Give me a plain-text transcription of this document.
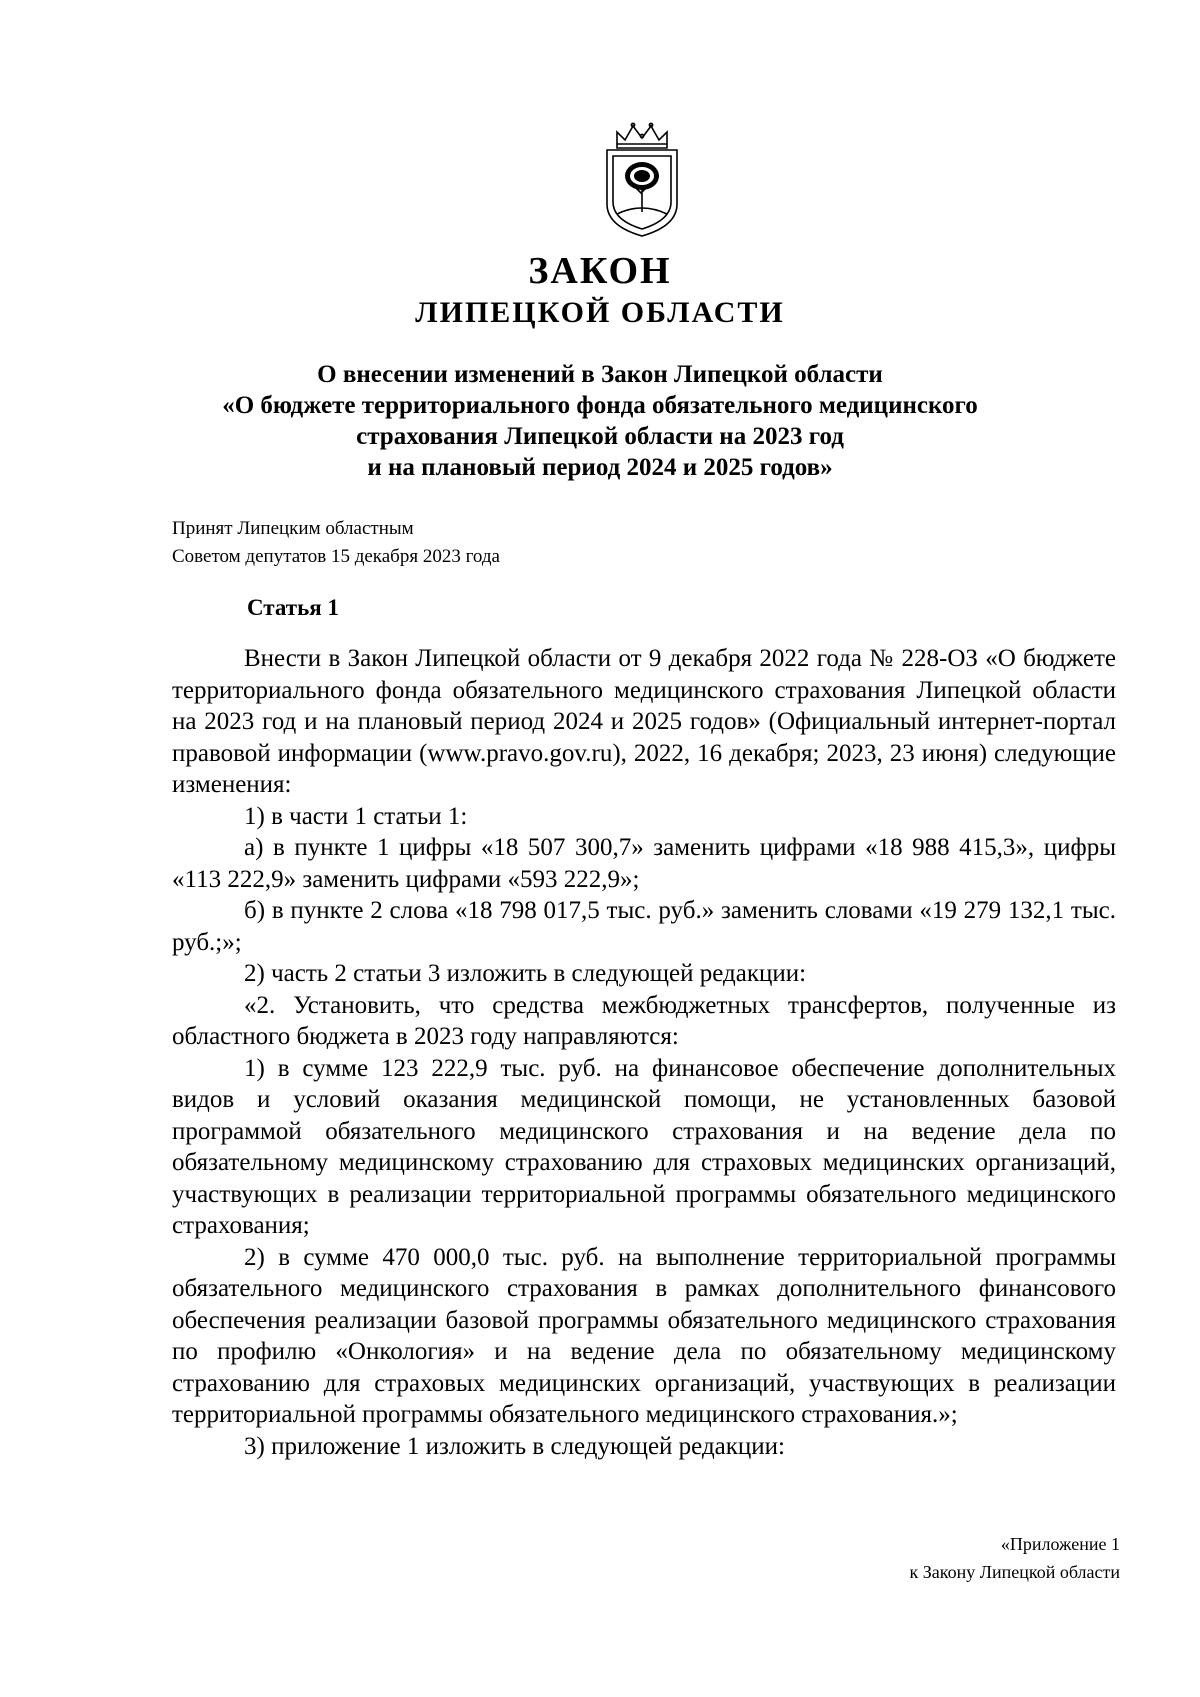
ЗАКОН
ЛИПЕЦКОЙ ОБЛАСТИ
О внесении изменений в Закон Липецкой области
«О бюджете территориального фонда обязательного медицинского
страхования Липецкой области на 2023 год
и на плановый период 2024 и 2025 годов»
Принят Липецким областным
Советом депутатов 15 декабря 2023 года
Статья 1

Внести в Закон Липецкой области от 9 декабря 2022 года № 228-ОЗ «О бюджете территориального фонда обязательного медицинского страхования Липецкой области на 2023 год и на плановый период 2024 и 2025 годов» (Официальный интернет-портал правовой информации (www.pravo.gov.ru), 2022, 16 декабря; 2023, 23 июня) следующие изменения:

1) в части 1 статьи 1:

а) в пункте 1 цифры «18 507 300,7» заменить цифрами «18 988 415,3», цифры «113 222,9» заменить цифрами «593 222,9»;

б) в пункте 2 слова «18 798 017,5 тыс. руб.» заменить словами «19 279 132,1 тыс. руб.;»;

2) часть 2 статьи 3 изложить в следующей редакции:

«2. Установить, что средства межбюджетных трансфертов, полученные из областного бюджета в 2023 году направляются:

1) в сумме 123 222,9 тыс. руб. на финансовое обеспечение дополнительных видов и условий оказания медицинской помощи, не установленных базовой программой обязательного медицинского страхования и на ведение дела по обязательному медицинскому страхованию для страховых медицинских организаций, участвующих в реализации территориальной программы обязательного медицинского страхования;

2) в сумме 470 000,0 тыс. руб. на выполнение территориальной программы обязательного медицинского страхования в рамках дополнительного финансового обеспечения реализации базовой программы обязательного медицинского страхования по профилю «Онкология» и на ведение дела по обязательному медицинскому страхованию для страховых медицинских организаций, участвующих в реализации территориальной программы обязательного медицинского страхования.»;

3) приложение 1 изложить в следующей редакции:

«Приложение 1
к Закону Липецкой области
